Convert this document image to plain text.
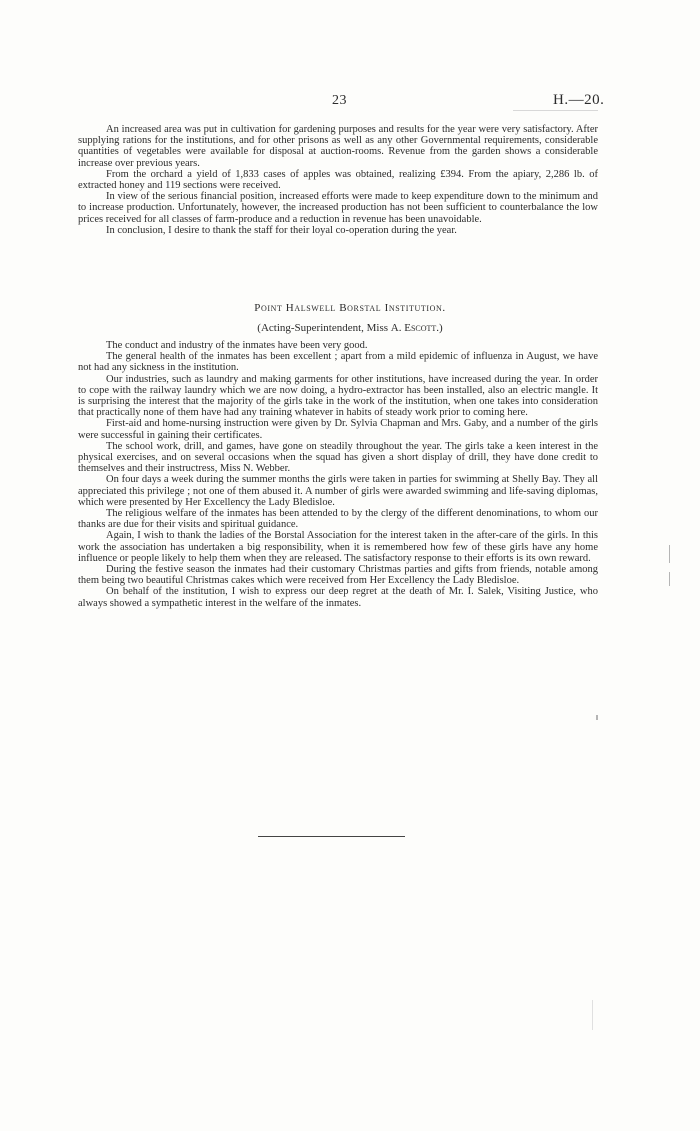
23	H.—20.

An increased area was put in cultivation for gardening purposes and results for the year were very satisfactory. After supplying rations for the institutions, and for other prisons as well as any other Governmental requirements, considerable quantities of vegetables were available for disposal at auction-rooms. Revenue from the garden shows a considerable increase over previous years.

From the orchard a yield of 1,833 cases of apples was obtained, realizing £394. From the apiary, 2,286 lb. of extracted honey and 119 sections were received.

In view of the serious financial position, increased efforts were made to keep expenditure down to the minimum and to increase production. Unfortunately, however, the increased production has not been sufficient to counterbalance the low prices received for all classes of farm-produce and a reduction in revenue has been unavoidable.

In conclusion, I desire to thank the staff for their loyal co-operation during the year.

Point Halswell Borstal Institution.
(Acting-Superintendent, Miss A. Escott.)

The conduct and industry of the inmates have been very good.

The general health of the inmates has been excellent ; apart from a mild epidemic of influenza in August, we have not had any sickness in the institution.

Our industries, such as laundry and making garments for other institutions, have increased during the year. In order to cope with the railway laundry which we are now doing, a hydro-extractor has been installed, also an electric mangle. It is surprising the interest that the majority of the girls take in the work of the institution, when one takes into consideration that practically none of them have had any training whatever in habits of steady work prior to coming here.

First-aid and home-nursing instruction were given by Dr. Sylvia Chapman and Mrs. Gaby, and a number of the girls were successful in gaining their certificates.

The school work, drill, and games, have gone on steadily throughout the year. The girls take a keen interest in the physical exercises, and on several occasions when the squad has given a short display of drill, they have done credit to themselves and their instructress, Miss N. Webber.

On four days a week during the summer months the girls were taken in parties for swimming at Shelly Bay. They all appreciated this privilege ; not one of them abused it. A number of girls were awarded swimming and life-saving diplomas, which were presented by Her Excellency the Lady Bledisloe.

The religious welfare of the inmates has been attended to by the clergy of the different denominations, to whom our thanks are due for their visits and spiritual guidance.

Again, I wish to thank the ladies of the Borstal Association for the interest taken in the after-care of the girls. In this work the association has undertaken a big responsibility, when it is remembered how few of these girls have any home influence or people likely to help them when they are released. The satisfactory response to their efforts is its own reward.

During the festive season the inmates had their customary Christmas parties and gifts from friends, notable among them being two beautiful Christmas cakes which were received from Her Excellency the Lady Bledisloe.

On behalf of the institution, I wish to express our deep regret at the death of Mr. I. Salek, Visiting Justice, who always showed a sympathetic interest in the welfare of the inmates.
